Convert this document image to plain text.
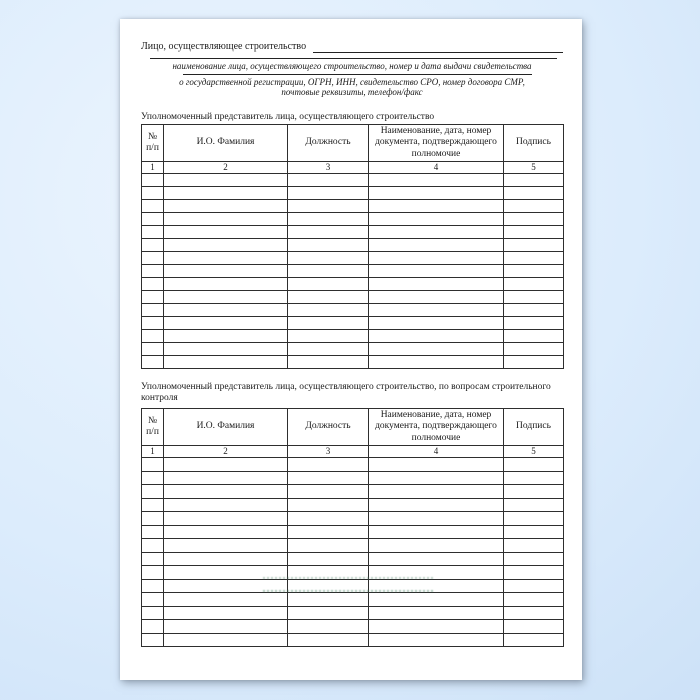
Лицо, осуществляющее строительство
наименование лица, осуществляющего строительство, номер и дата выдачи свидетельства
о государственной регистрации, ОГРН, ИНН, свидетельство СРО, номер договора СМР,
почтовые реквизиты, телефон/факс
Уполномоченный представитель лица, осуществляющего строительство
№ п/п	И.О. Фамилия	Должность	Наименование, дата, номер документа, подтверждающего полномочие	Подпись
1	2	3	4	5

Уполномоченный представитель лица, осуществляющего строительство, по вопросам строительного контроля
№ п/п	И.О. Фамилия	Должность	Наименование, дата, номер документа, подтверждающего полномочие	Подпись
1	2	3	4	5
